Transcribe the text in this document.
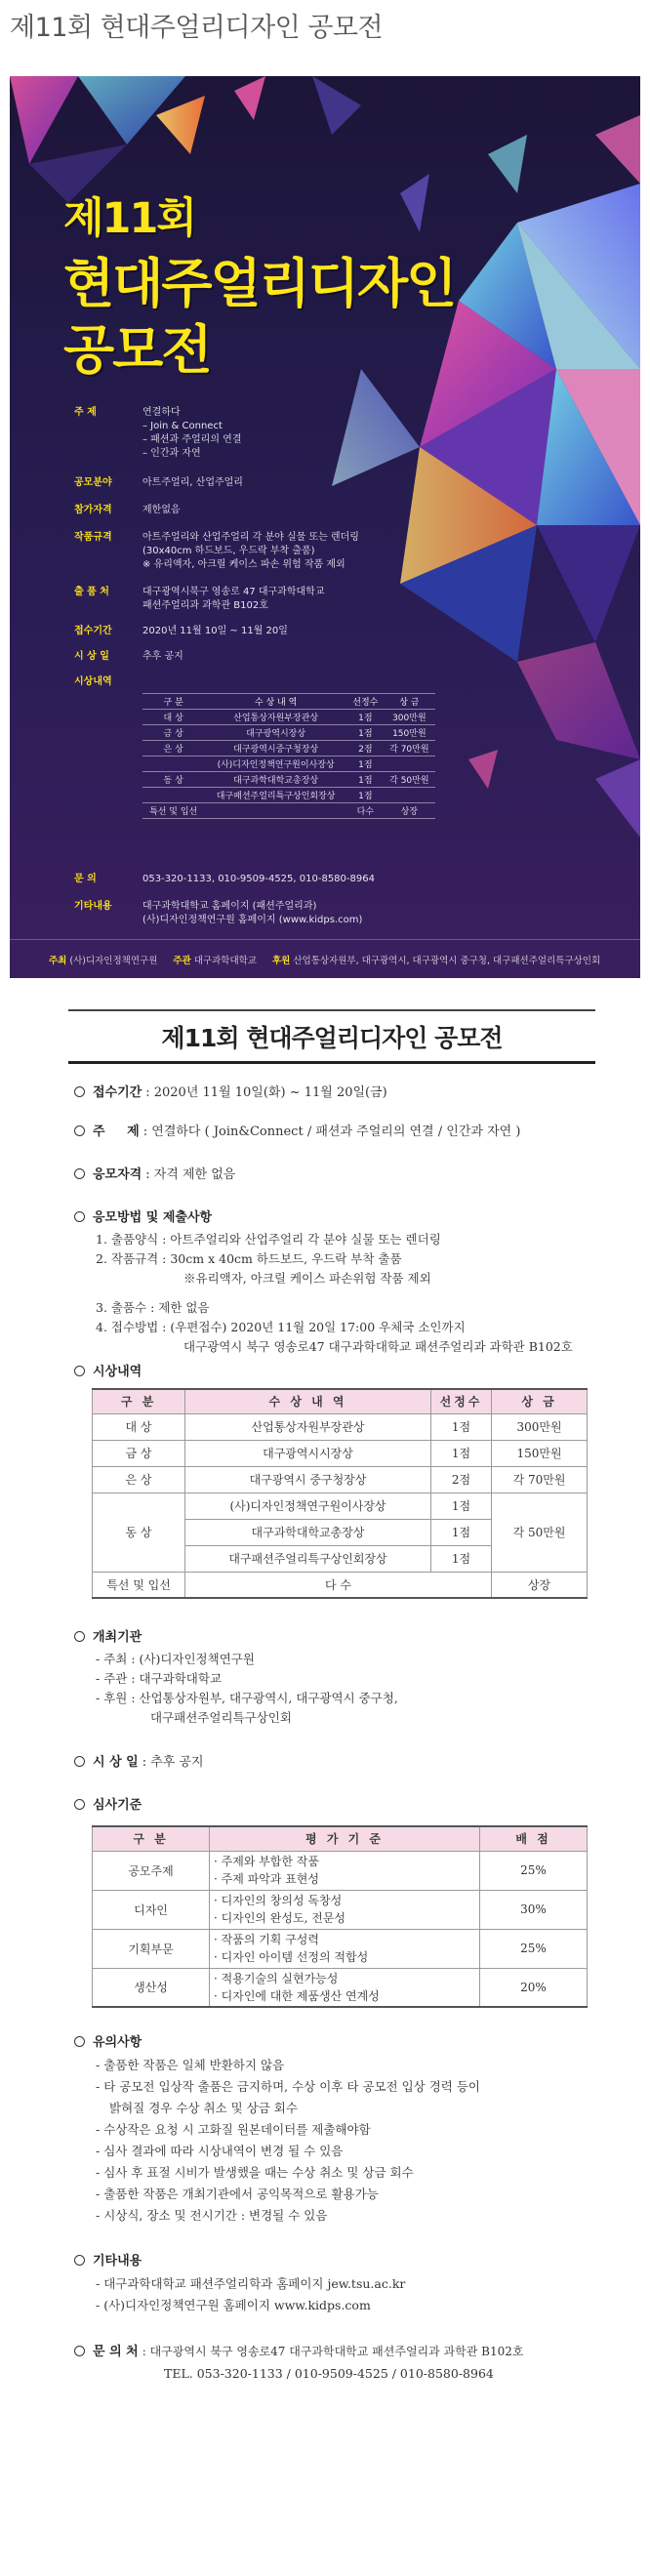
제11회 현대주얼리디자인 공모전
제11회
현대주얼리디자인
공모전
주 제	연결하다
– Join & Connect
– 패션과 주얼리의 연결
– 인간과 자연
공모분야	아트주얼리, 산업주얼리
참가자격	제한없음
작품규격	아트주얼리와 산업주얼리 각 분야 실물 또는 렌더링
(30x40cm 하드보드, 우드락 부착 출품)
※ 유리액자, 아크릴 케이스 파손 위험 작품 제외
출 품 처	대구광역시북구 영송로 47 대구과학대학교
패션주얼리과 과학관 B102호
접수기간	2020년 11월 10일 ~ 11월 20일
시 상 일	추후 공지
시상내역
구 분	수 상 내 역	선정수	상 금
대 상	산업통상자원부장관상	1점	300만원
금 상	대구광역시장상	1점	150만원
은 상	대구광역시중구청장상	2점	각 70만원
	(사)디자인정책연구원이사장상	1점	
동 상	대구과학대학교총장상	1점	각 50만원
	대구패션주얼리특구상인회장상	1점	
특선 및 입선		다수	상장
문 의	053-320-1133, 010-9509-4525, 010-8580-8964
기타내용	대구과학대학교 홈페이지 (패션주얼리과)
(사)디자인정책연구원 홈페이지 (www.kidps.com)
주최 (사)디자인정책연구원 주관 대구과학대학교 후원 산업통상자원부, 대구광역시, 대구광역시 중구청, 대구패션주얼리특구상인회
제11회 현대주얼리디자인 공모전
접수기간 : 2020년 11월 10일(화) ~ 11월 20일(금)
주     제 : 연결하다 ( Join&Connect / 패션과 주얼리의 연결 / 인간과 자연 )
응모자격 : 자격 제한 없음
응모방법 및 제출사항
1. 출품양식 : 아트주얼리와 산업주얼리 각 분야 실물 또는 렌더링
2. 작품규격 : 30cm x 40cm 하드보드, 우드락 부착 출품
※유리액자, 아크릴 케이스 파손위험 작품 제외
3. 출품수 : 제한 없음
4. 접수방법 : (우편접수) 2020년 11월 20일 17:00 우체국 소인까지
대구광역시 북구 영송로47 대구과학대학교 패션주얼리과 과학관 B102호
시상내역
구 분	수 상 내 역	선정수	상 금
대 상	산업통상자원부장관상	1점	300만원
금 상	대구광역시시장상	1점	150만원
은 상	대구광역시 중구청장상	2점	각 70만원
동 상	(사)디자인정책연구원이사장상	1점	각 50만원
	대구과학대학교총장상	1점	
	대구패션주얼리특구상인회장상	1점	
특선 및 입선	다 수		상장
개최기관
- 주최 : (사)디자인정책연구원
- 주관 : 대구과학대학교
- 후원 : 산업통상자원부, 대구광역시, 대구광역시 중구청,
대구패션주얼리특구상인회
시 상 일 : 추후 공지
심사기준
구 분	평 가 기 준	배 점
공모주제	· 주제와 부합한 작품
· 주제 파악과 표현성	25%
디자인	· 디자인의 창의성 독창성
· 디자인의 완성도, 전문성	30%
기획부문	· 작품의 기획 구성력
· 디자인 아이템 선정의 적합성	25%
생산성	· 적용기술의 실현가능성
· 디자인에 대한 제품생산 연계성	20%
유의사항
- 출품한 작품은 일체 반환하지 않음
- 타 공모전 입상작 출품은 금지하며, 수상 이후 타 공모전 입상 경력 등이
밝혀질 경우 수상 취소 및 상금 회수
- 수상작은 요청 시 고화질 원본데이터를 제출해야함
- 심사 결과에 따라 시상내역이 변경 될 수 있음
- 심사 후 표절 시비가 발생했을 때는 수상 취소 및 상금 회수
- 출품한 작품은 개최기관에서 공익목적으로 활용가능
- 시상식, 장소 및 전시기간 : 변경될 수 있음
기타내용
- 대구과학대학교 패션주얼리학과 홈페이지 jew.tsu.ac.kr
- (사)디자인정책연구원 홈페이지 www.kidps.com
문 의 처 : 대구광역시 북구 영송로47 대구과학대학교 패션주얼리과 과학관 B102호
TEL. 053-320-1133 / 010-9509-4525 / 010-8580-8964
